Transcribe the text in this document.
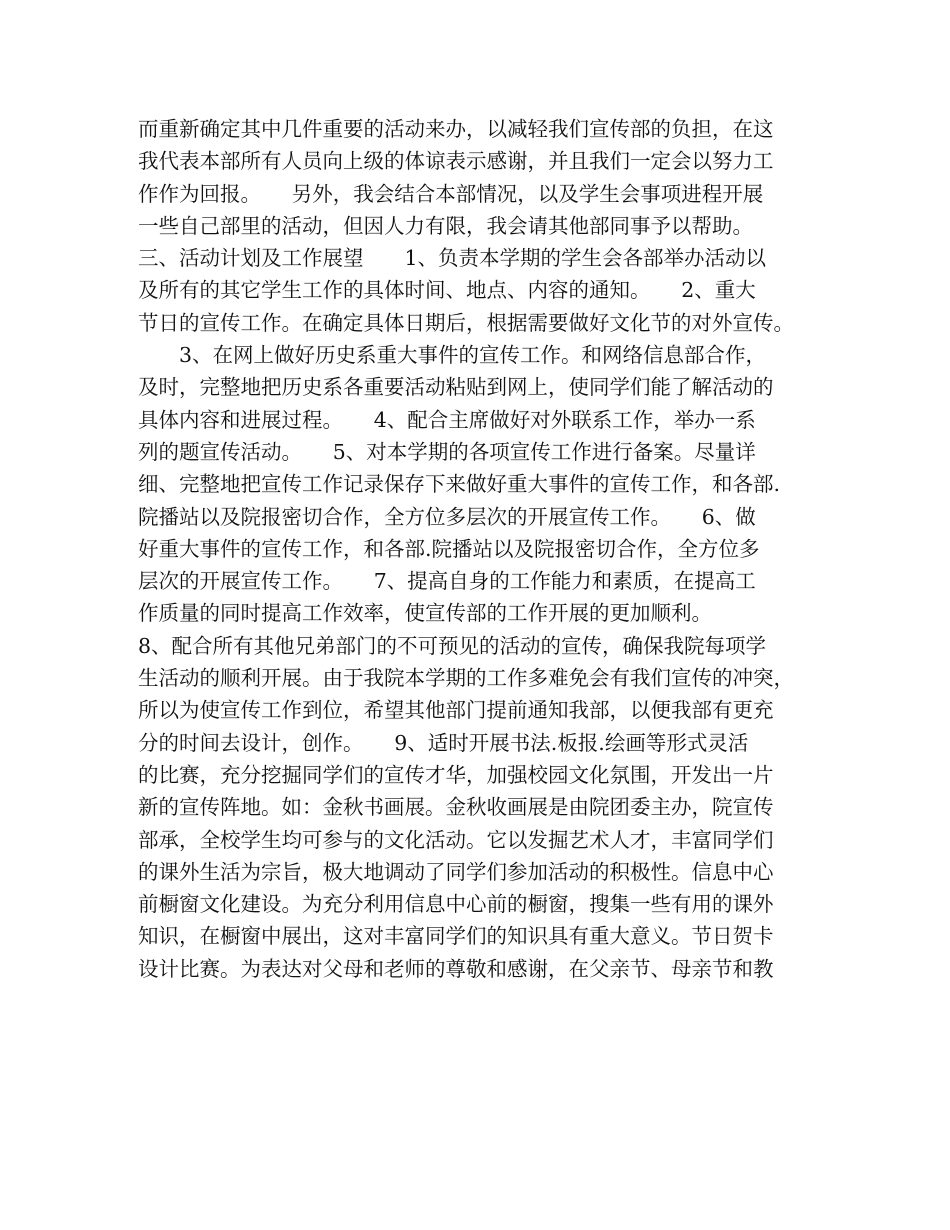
而重新确定其中几件重要的活动来办，以减轻我们宣传部的负担，在这
我代表本部所有人员向上级的体谅表示感谢，并且我们一定会以努力工
作作为回报。　　另外，我会结合本部情况，以及学生会事项进程开展
一些自己部里的活动，但因人力有限，我会请其他部同事予以帮助。
三、活动计划及工作展望　　1、负责本学期的学生会各部举办活动以
及所有的其它学生工作的具体时间、地点、内容的通知。　　2、重大
节日的宣传工作。在确定具体日期后，根据需要做好文化节的对外宣传。
　　3、在网上做好历史系重大事件的宣传工作。和网络信息部合作，
及时，完整地把历史系各重要活动粘贴到网上，使同学们能了解活动的
具体内容和进展过程。　　4、配合主席做好对外联系工作，举办一系
列的题宣传活动。　　5、对本学期的各项宣传工作进行备案。尽量详
细、完整地把宣传工作记录保存下来做好重大事件的宣传工作，和各部.
院播站以及院报密切合作，全方位多层次的开展宣传工作。　　6、做
好重大事件的宣传工作，和各部.院播站以及院报密切合作，全方位多
层次的开展宣传工作。　　7、提高自身的工作能力和素质，在提高工
作质量的同时提高工作效率，使宣传部的工作开展的更加顺利。　　
8、配合所有其他兄弟部门的不可预见的活动的宣传，确保我院每项学
生活动的顺利开展。由于我院本学期的工作多难免会有我们宣传的冲突，
所以为使宣传工作到位，希望其他部门提前通知我部，以便我部有更充
分的时间去设计，创作。　　9、适时开展书法.板报.绘画等形式灵活
的比赛，充分挖掘同学们的宣传才华，加强校园文化氛围，开发出一片
新的宣传阵地。如：金秋书画展。金秋收画展是由院团委主办，院宣传
部承，全校学生均可参与的文化活动。它以发掘艺术人才，丰富同学们
的课外生活为宗旨，极大地调动了同学们参加活动的积极性。信息中心
前橱窗文化建设。为充分利用信息中心前的橱窗，搜集一些有用的课外
知识，在橱窗中展出，这对丰富同学们的知识具有重大意义。节日贺卡
设计比赛。为表达对父母和老师的尊敬和感谢，在父亲节、母亲节和教
